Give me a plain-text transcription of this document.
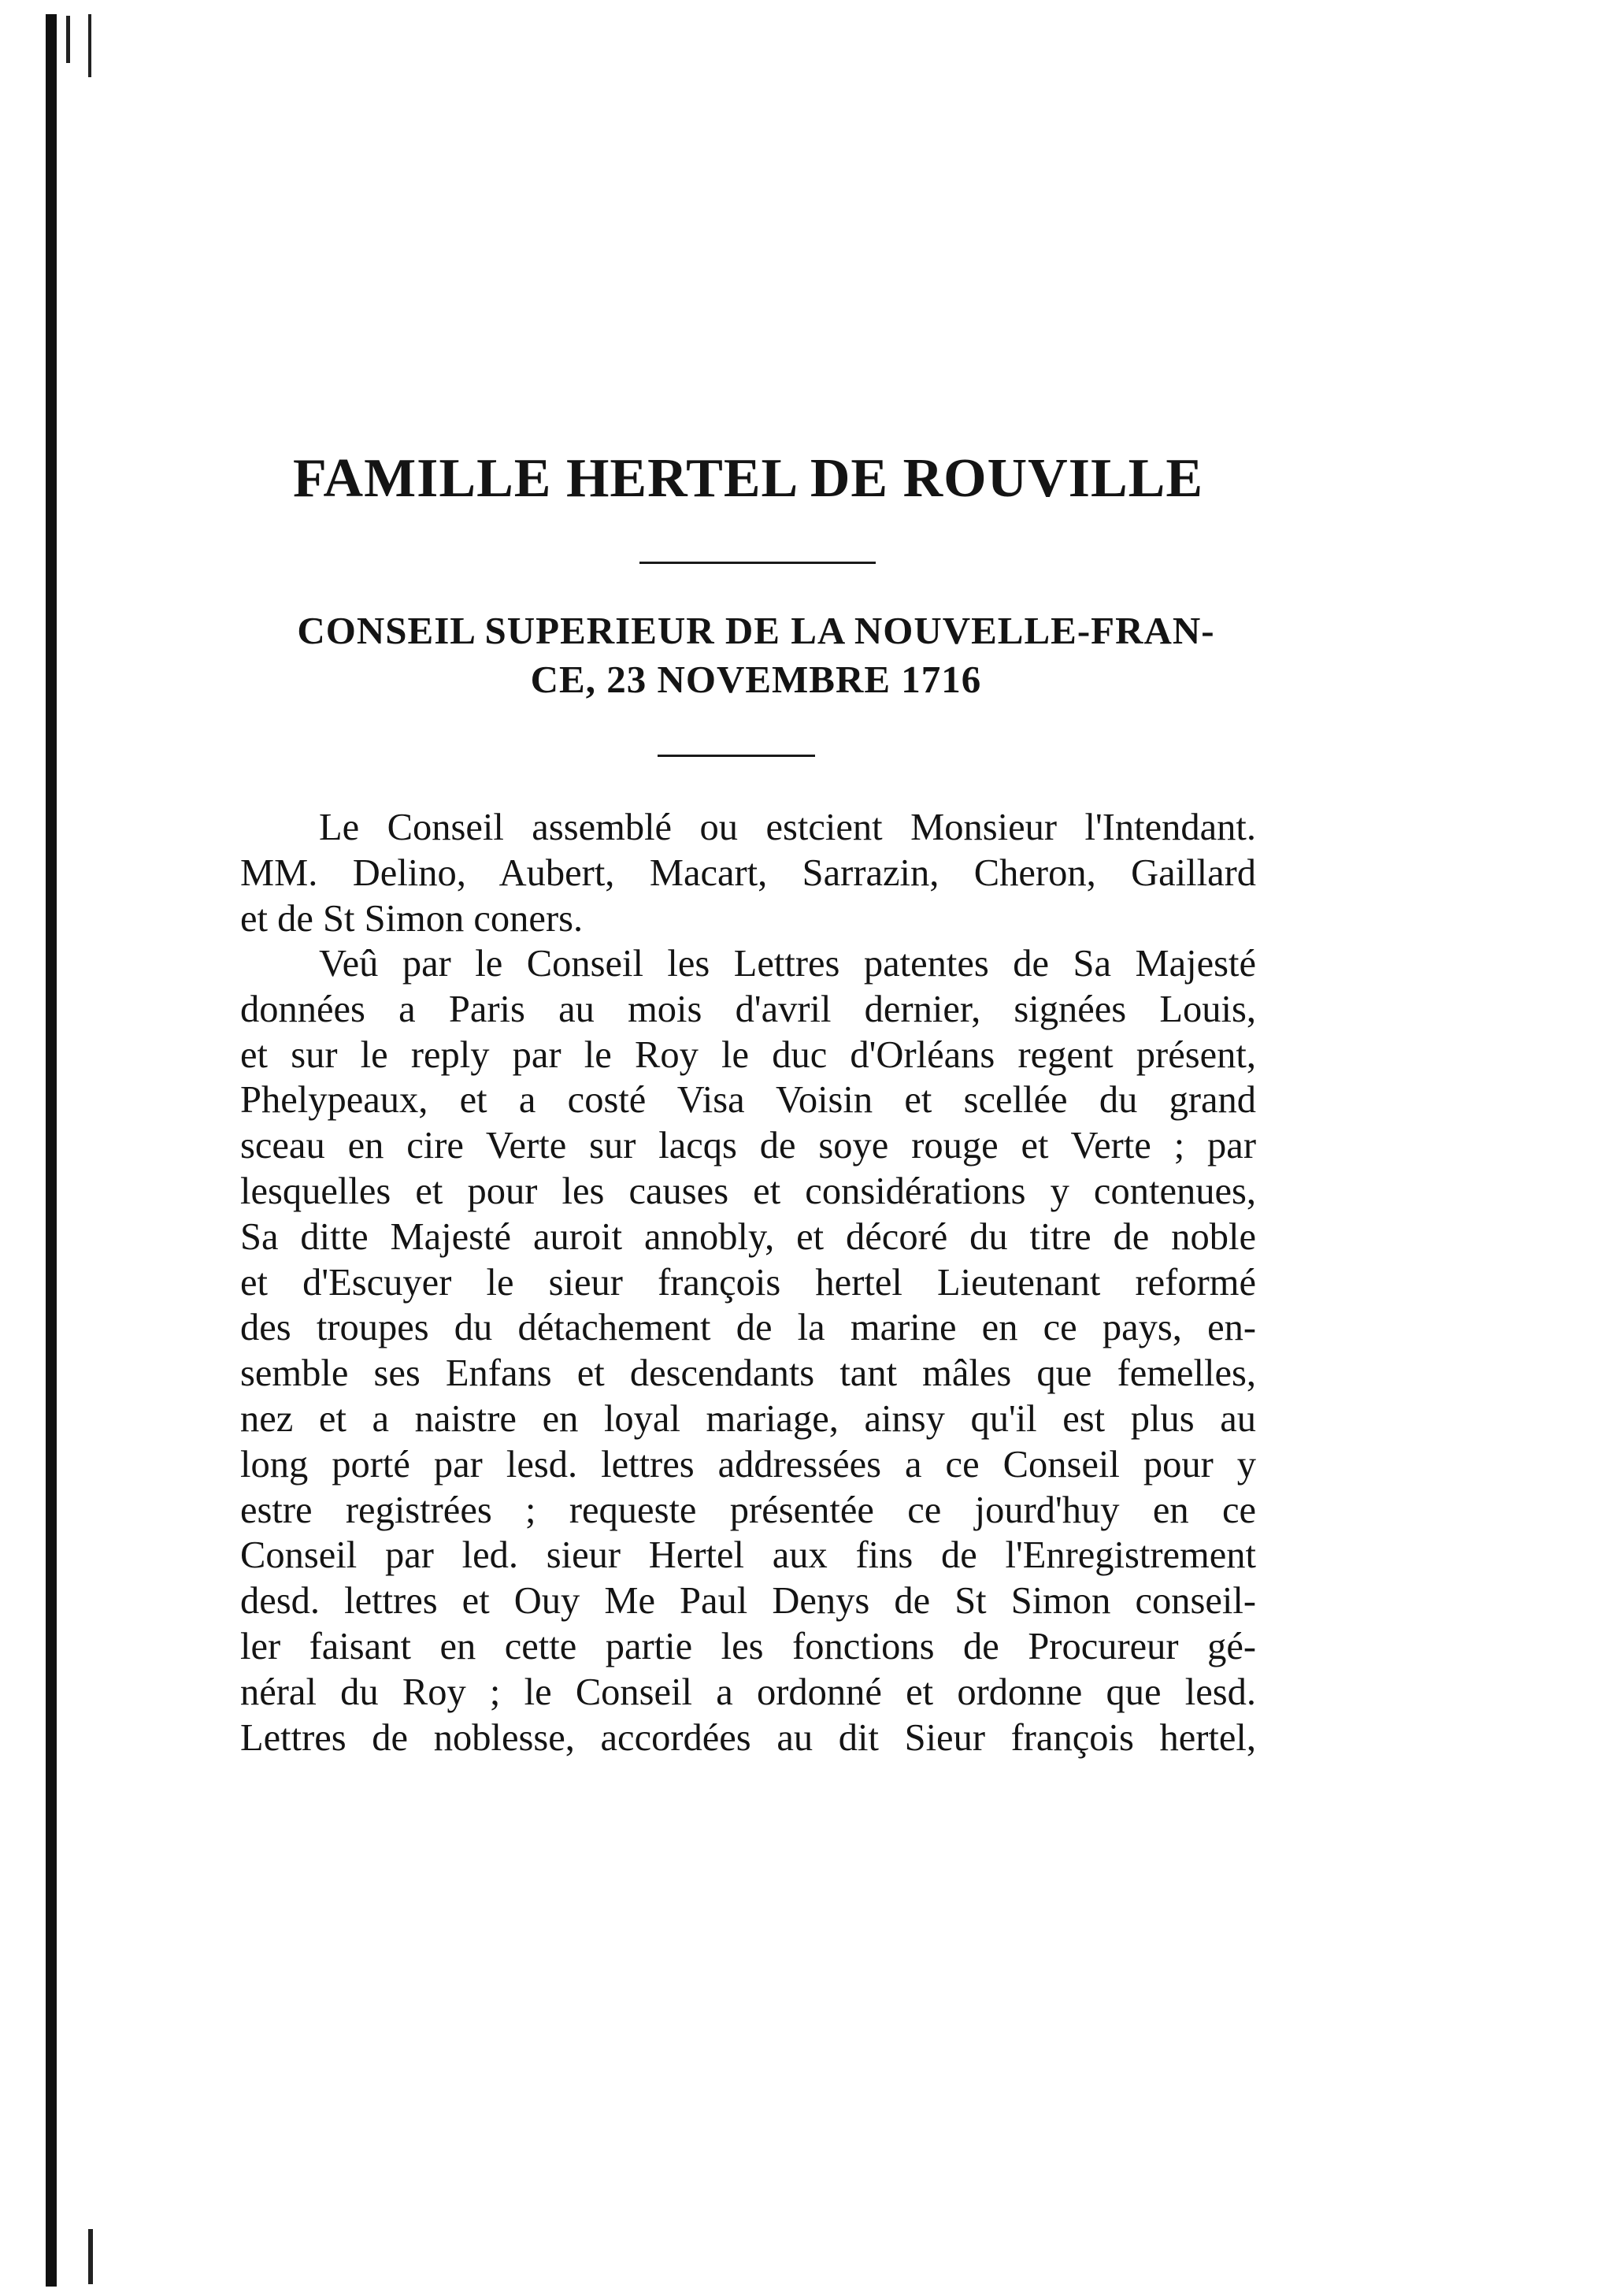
FAMILLE HERTEL DE ROUVILLE
CONSEIL SUPERIEUR DE LA NOUVELLE-FRAN-
CE, 23 NOVEMBRE 1716

Le Conseil assemblé ou estcient Monsieur l'Intendant.
MM. Delino, Aubert, Macart, Sarrazin, Cheron, Gaillard
et de St Simon coners.

Veû par le Conseil les Lettres patentes de Sa Majesté
données a Paris au mois d'avril dernier, signées Louis,
et sur le reply par le Roy le duc d'Orléans regent présent,
Phelypeaux, et a costé Visa Voisin et scellée du grand
sceau en cire Verte sur lacqs de soye rouge et Verte ; par
lesquelles et pour les causes et considérations y contenues,
Sa ditte Majesté auroit annobly, et décoré du titre de noble
et d'Escuyer le sieur françois hertel Lieutenant reformé
des troupes du détachement de la marine en ce pays, en-
semble ses Enfans et descendants tant mâles que femelles,
nez et a naistre en loyal mariage, ainsy qu'il est plus au
long porté par lesd. lettres addressées a ce Conseil pour y
estre registrées ; requeste présentée ce jourd'huy en ce
Conseil par led. sieur Hertel aux fins de l'Enregistrement
desd. lettres et Ouy Me Paul Denys de St Simon conseil-
ler faisant en cette partie les fonctions de Procureur gé-
néral du Roy ; le Conseil a ordonné et ordonne que lesd.
Lettres de noblesse, accordées au dit Sieur françois hertel,
